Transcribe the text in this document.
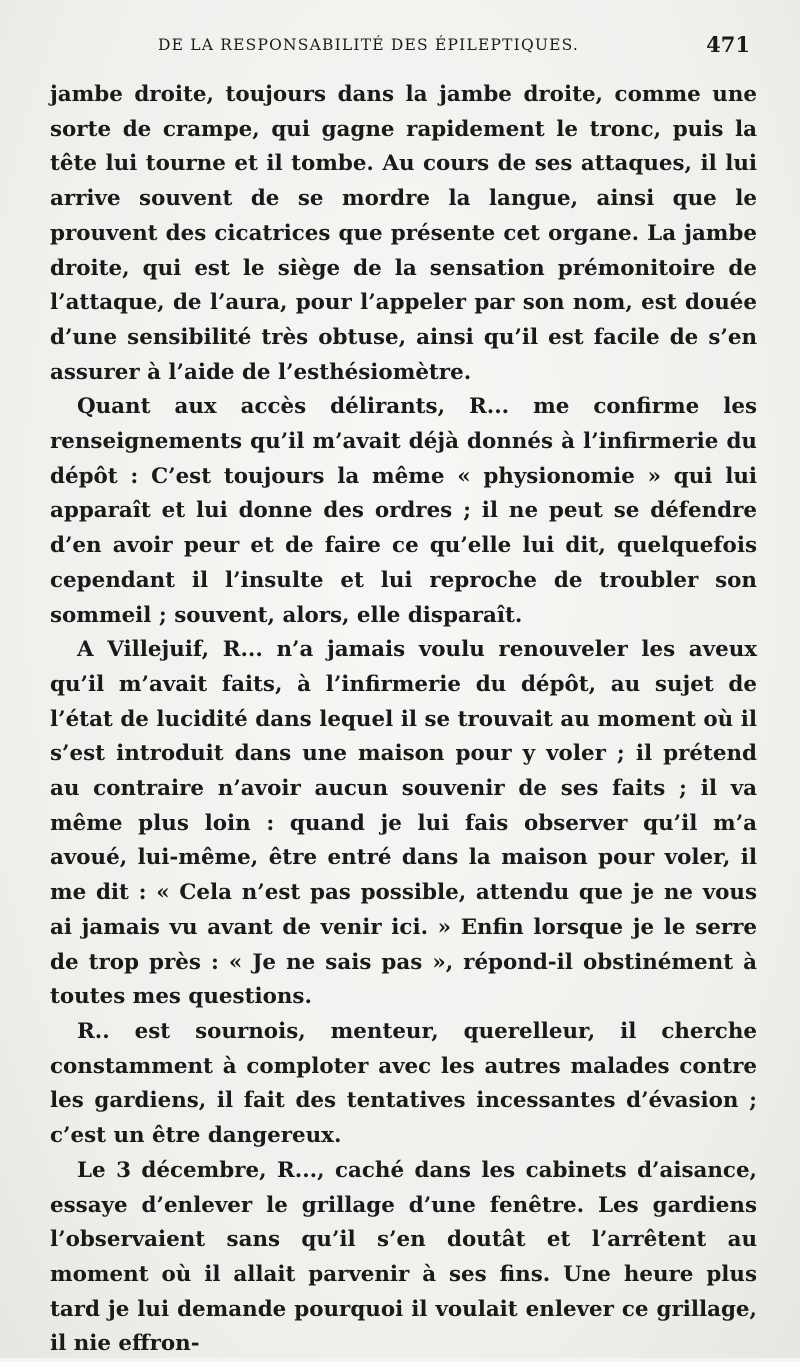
DE LA RESPONSABILITÉ DES ÉPILEPTIQUES.	471

jambe droite, toujours dans la jambe droite, comme une sorte de crampe, qui gagne rapidement le tronc, puis la tête lui tourne et il tombe. Au cours de ses attaques, il lui arrive souvent de se mordre la langue, ainsi que le prouvent des cicatrices que présente cet organe. La jambe droite, qui est le siège de la sensation prémonitoire de l’attaque, de l’aura, pour l’appeler par son nom, est douée d’une sensibilité très obtuse, ainsi qu’il est facile de s’en assurer à l’aide de l’esthésiomètre.

Quant aux accès délirants, R... me confirme les renseignements qu’il m’avait déjà donnés à l’infirmerie du dépôt : C’est toujours la même « physionomie » qui lui apparaît et lui donne des ordres ; il ne peut se défendre d’en avoir peur et de faire ce qu’elle lui dit, quelquefois cependant il l’insulte et lui reproche de troubler son sommeil ; souvent, alors, elle disparaît.

A Villejuif, R... n’a jamais voulu renouveler les aveux qu’il m’avait faits, à l’infirmerie du dépôt, au sujet de l’état de lucidité dans lequel il se trouvait au moment où il s’est introduit dans une maison pour y voler ; il prétend au contraire n’avoir aucun souvenir de ses faits ; il va même plus loin : quand je lui fais observer qu’il m’a avoué, lui-même, être entré dans la maison pour voler, il me dit : « Cela n’est pas possible, attendu que je ne vous ai jamais vu avant de venir ici. » Enfin lorsque je le serre de trop près : « Je ne sais pas », répond-il obstinément à toutes mes questions.

R.. est sournois, menteur, querelleur, il cherche constamment à comploter avec les autres malades contre les gardiens, il fait des tentatives incessantes d’évasion ; c’est un être dangereux.

Le 3 décembre, R..., caché dans les cabinets d’aisance, essaye d’enlever le grillage d’une fenêtre. Les gardiens l’observaient sans qu’il s’en doutât et l’arrêtent au moment où il allait parvenir à ses fins. Une heure plus tard je lui demande pourquoi il voulait enlever ce grillage, il nie effron-
